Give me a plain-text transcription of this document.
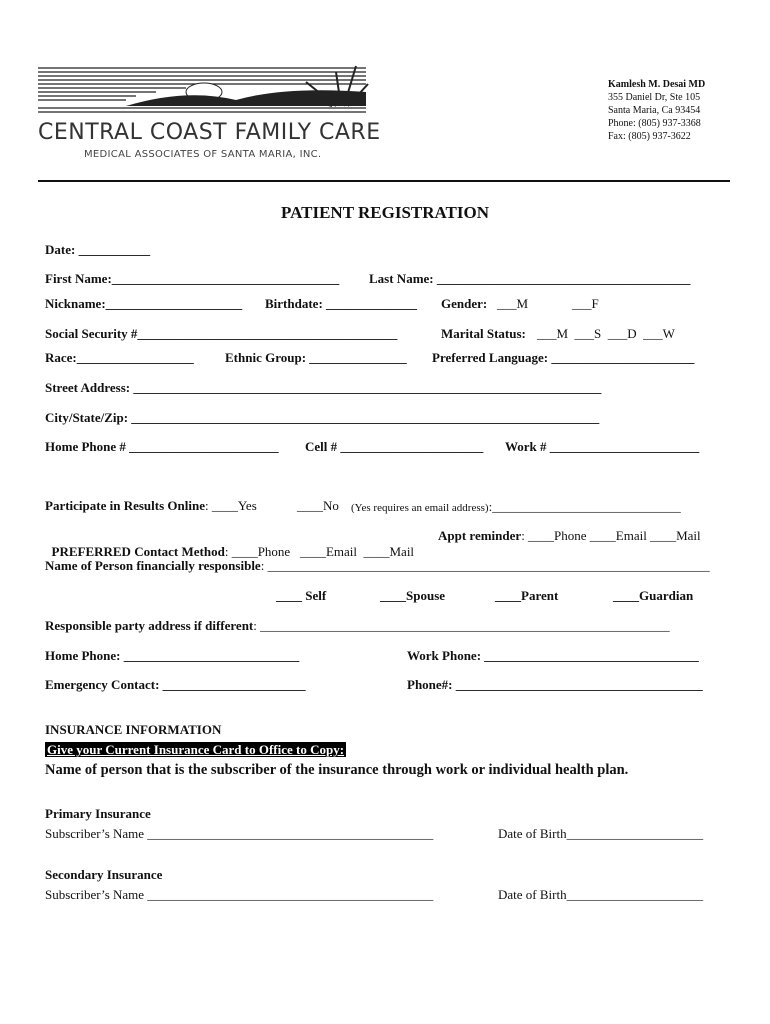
CENTRAL COAST FAMILY CARE
MEDICAL ASSOCIATES OF SANTA MARIA, INC.
Kamlesh M. Desai MD
355 Daniel Dr, Ste 105
Santa Maria, Ca 93454
Phone: (805) 937-3368
Fax: (805) 937-3622
PATIENT REGISTRATION
Date: ___________
First Name:___________________________________ Last Name: _______________________________________
Nickname:_____________________ Birthdate: ______________ Gender: ___M	___F
Social Security #________________________________________	Marital Status: ___M  ___S  ___D  ___W
Race:__________________ Ethnic Group: _______________ Preferred Language: ______________________
Street Address: ________________________________________________________________________
City/State/Zip: ________________________________________________________________________
Home Phone # _______________________ Cell # ______________________ Work # _______________________
Participate in Results Online: ____Yes	____No (Yes requires an email address):_____________________________

PREFERRED Contact Method: ____Phone   ____Email  ____Mail

Appt reminder: ____Phone ____Email ____Mail
Name of Person financially responsible: ____________________________________________________________________
____ Self	____Spouse	____Parent	____Guardian
Responsible party address if different: _______________________________________________________________
Home Phone: ___________________________	Work Phone: _________________________________
Emergency Contact: ______________________	Phone#: ______________________________________
INSURANCE INFORMATION
Give your Current Insurance Card to Office to Copy:
Name of person that is the subscriber of the insurance through work or individual health plan.
Primary Insurance
Subscriber’s Name ____________________________________________	Date of Birth_____________________
Secondary Insurance
Subscriber’s Name ____________________________________________	Date of Birth_____________________
